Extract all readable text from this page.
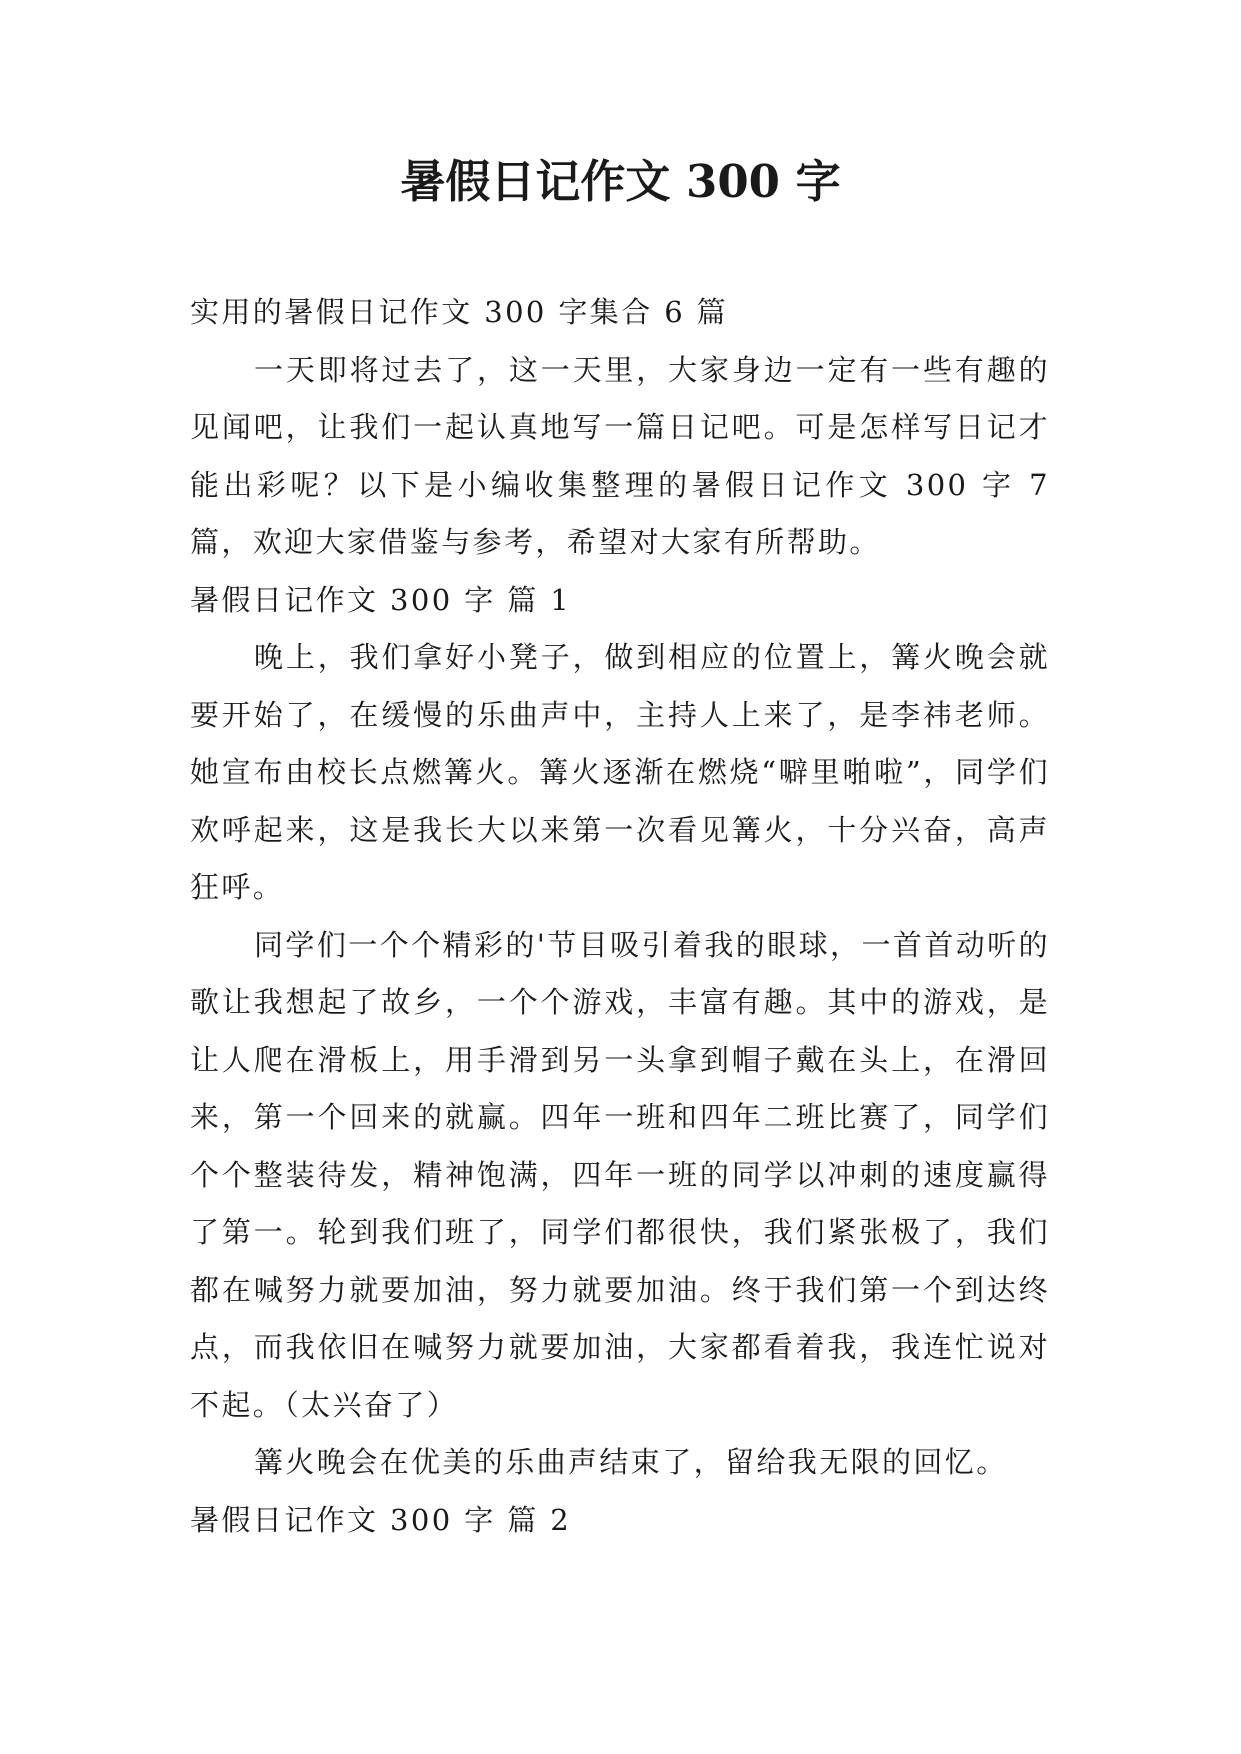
暑假日记作文 300 字

实用的暑假日记作文 300 字集合 6 篇

一天即将过去了，这一天里，大家身边一定有一些有趣的见闻吧，让我们一起认真地写一篇日记吧。可是怎样写日记才能出彩呢？以下是小编收集整理的暑假日记作文 300 字 7 篇，欢迎大家借鉴与参考，希望对大家有所帮助。

暑假日记作文 300 字 篇 1

晚上，我们拿好小凳子，做到相应的位置上，篝火晚会就要开始了，在缓慢的乐曲声中，主持人上来了，是李祎老师。她宣布由校长点燃篝火。篝火逐渐在燃烧“噼里啪啦”，同学们欢呼起来，这是我长大以来第一次看见篝火，十分兴奋，高声狂呼。

同学们一个个精彩的'节目吸引着我的眼球，一首首动听的歌让我想起了故乡，一个个游戏，丰富有趣。其中的游戏，是让人爬在滑板上，用手滑到另一头拿到帽子戴在头上，在滑回来，第一个回来的就赢。四年一班和四年二班比赛了，同学们个个整装待发，精神饱满，四年一班的同学以冲刺的速度赢得了第一。轮到我们班了，同学们都很快，我们紧张极了，我们都在喊努力就要加油，努力就要加油。终于我们第一个到达终点，而我依旧在喊努力就要加油，大家都看着我，我连忙说对不起。（太兴奋了）

篝火晚会在优美的乐曲声结束了，留给我无限的回忆。

暑假日记作文 300 字 篇 2
